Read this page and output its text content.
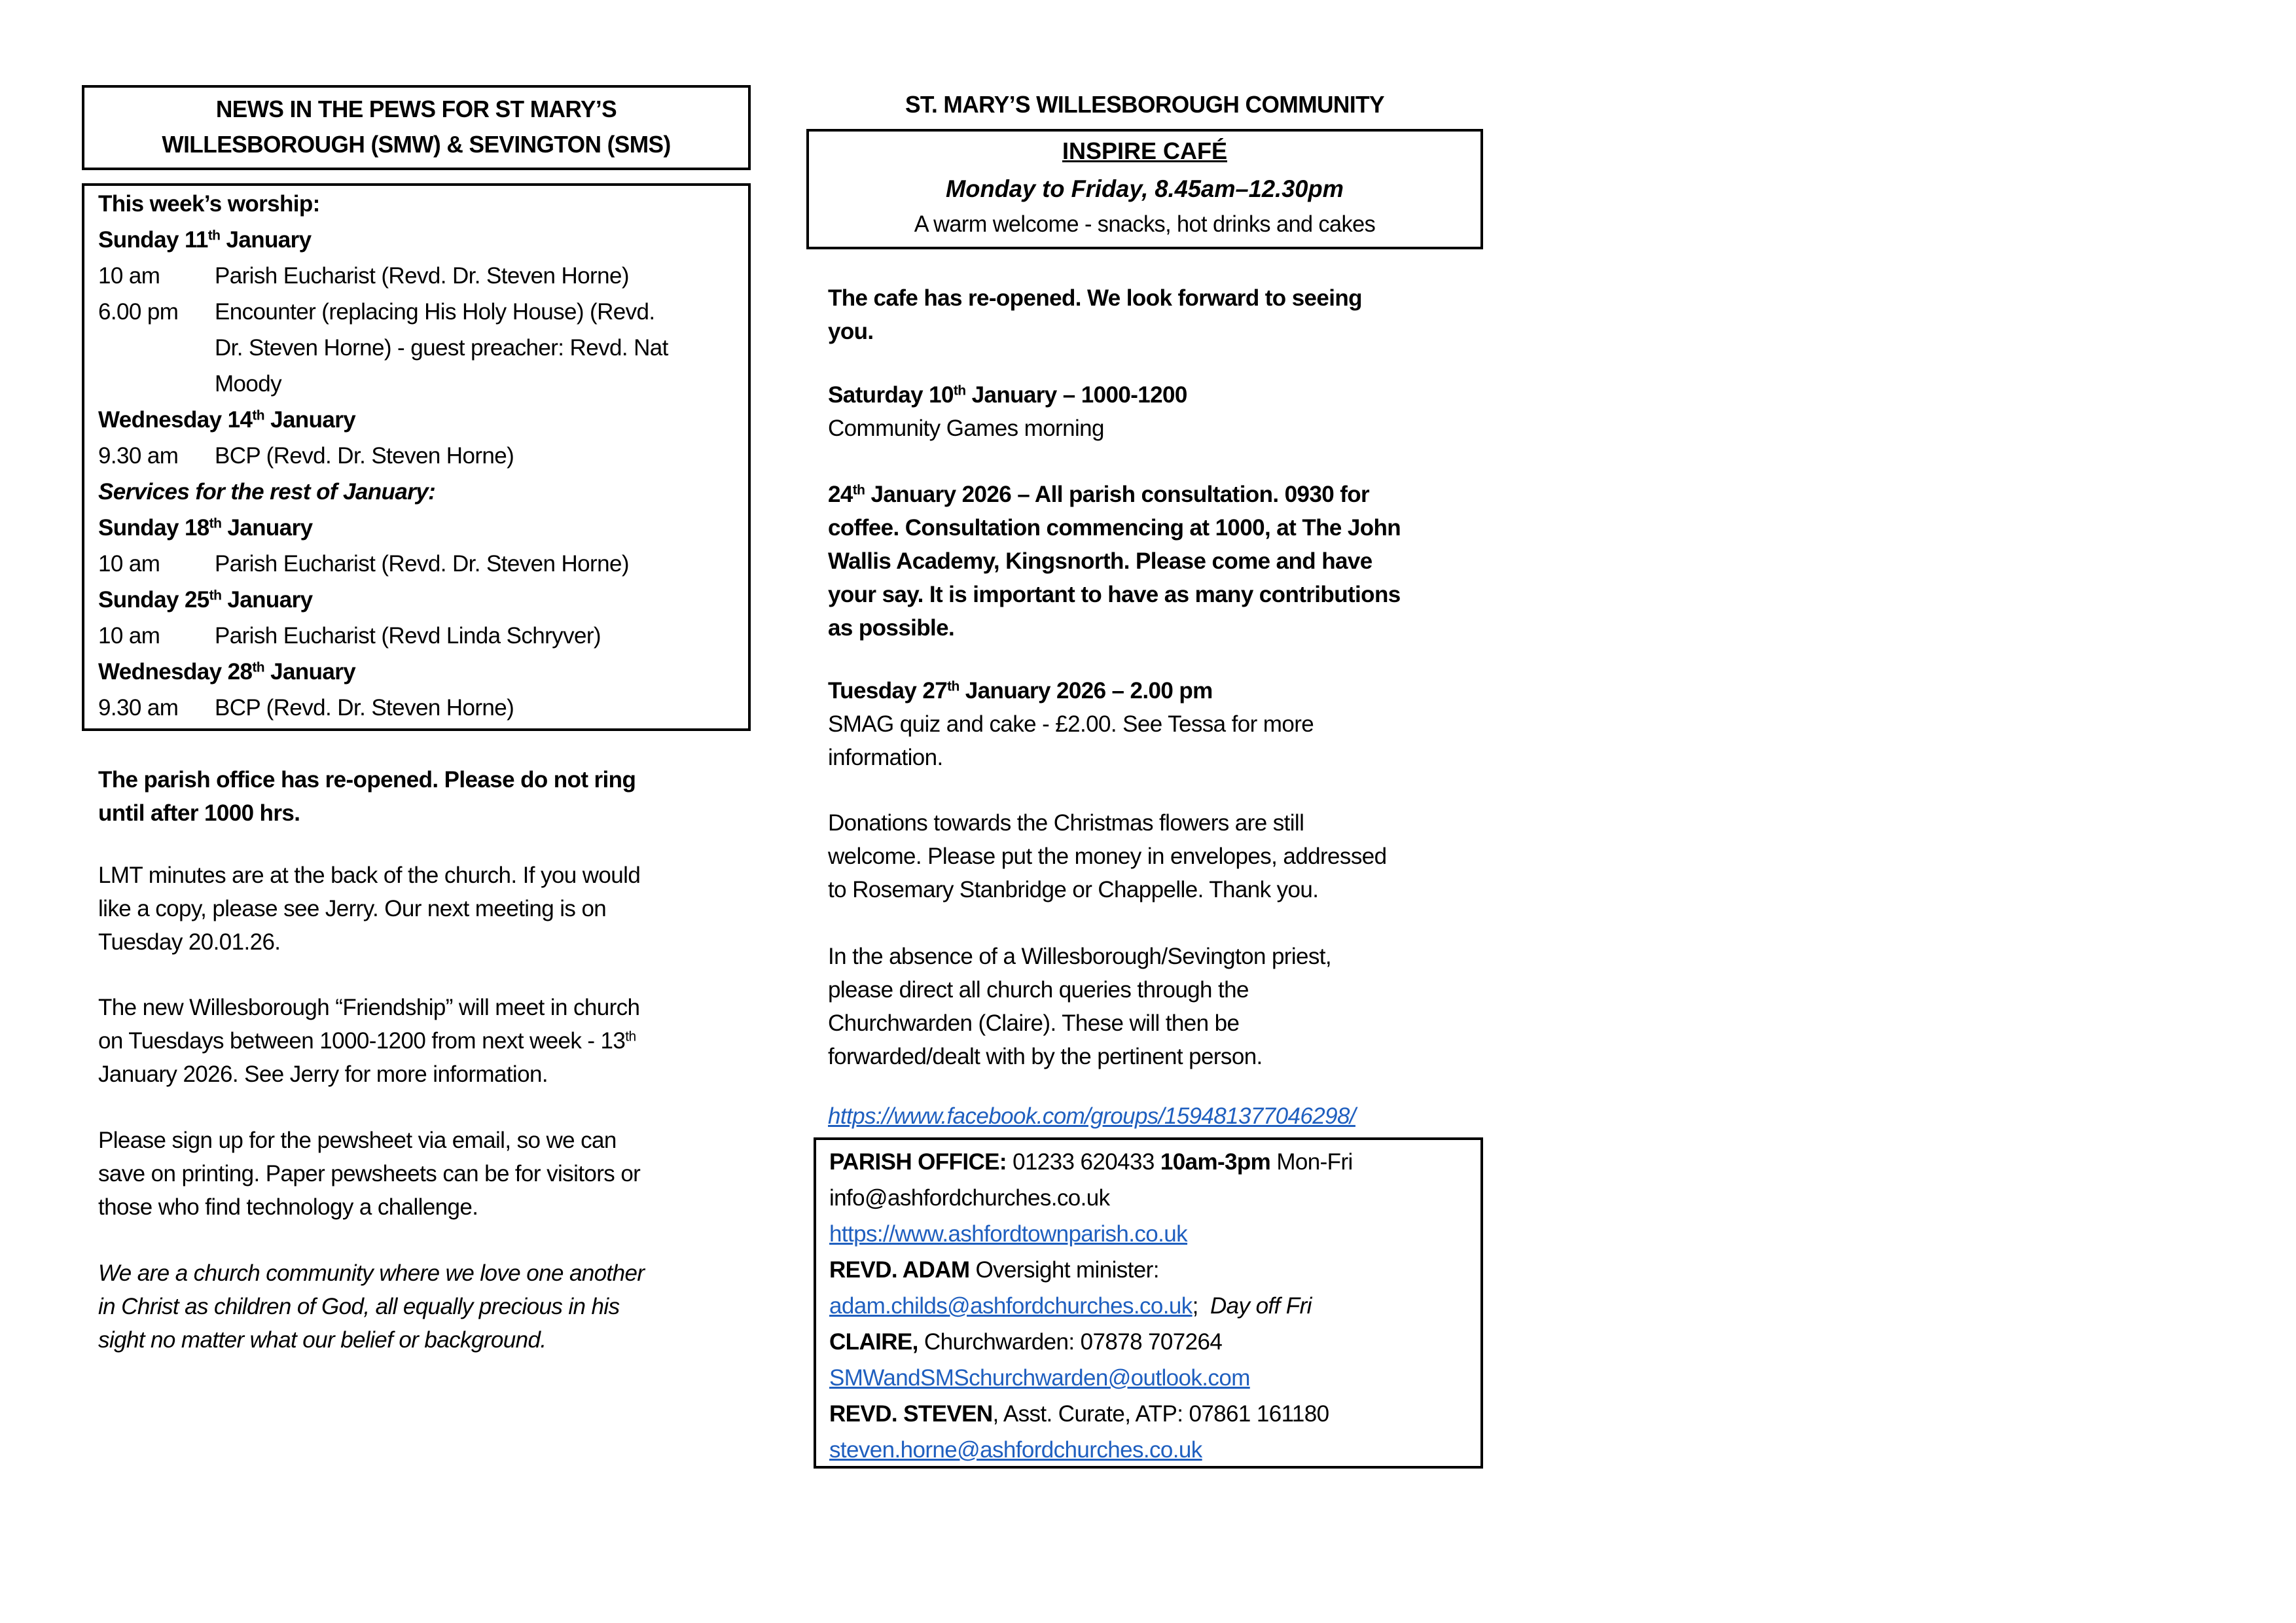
NEWS IN THE PEWS FOR ST MARY’S
WILLESBOROUGH (SMW) & SEVINGTON (SMS)
This week’s worship:
Sunday 11th January
10 am Parish Eucharist (Revd. Dr. Steven Horne)
6.00 pm Encounter (replacing His Holy House) (Revd.
Dr. Steven Horne) - guest preacher: Revd. Nat
Moody
Wednesday 14th January
9.30 am BCP (Revd. Dr. Steven Horne)
Services for the rest of January:
Sunday 18th January
10 am Parish Eucharist (Revd. Dr. Steven Horne)
Sunday 25th January
10 am Parish Eucharist (Revd Linda Schryver)
Wednesday 28th January
9.30 am BCP (Revd. Dr. Steven Horne)
The parish office has re-opened. Please do not ring
until after 1000 hrs.
LMT minutes are at the back of the church. If you would
like a copy, please see Jerry. Our next meeting is on
Tuesday 20.01.26.
The new Willesborough “Friendship” will meet in church
on Tuesdays between 1000-1200 from next week - 13th
January 2026. See Jerry for more information.
Please sign up for the pewsheet via email, so we can
save on printing. Paper pewsheets can be for visitors or
those who find technology a challenge.
We are a church community where we love one another
in Christ as children of God, all equally precious in his
sight no matter what our belief or background.
ST. MARY’S WILLESBOROUGH COMMUNITY
INSPIRE CAFÉ
Monday to Friday, 8.45am–12.30pm
A warm welcome - snacks, hot drinks and cakes
The cafe has re-opened. We look forward to seeing
you.
Saturday 10th January – 1000-1200
Community Games morning
24th January 2026 – All parish consultation. 0930 for
coffee. Consultation commencing at 1000, at The John
Wallis Academy, Kingsnorth. Please come and have
your say. It is important to have as many contributions
as possible.
Tuesday 27th January 2026 – 2.00 pm
SMAG quiz and cake - £2.00. See Tessa for more
information.
Donations towards the Christmas flowers are still
welcome. Please put the money in envelopes, addressed
to Rosemary Stanbridge or Chappelle. Thank you.
In the absence of a Willesborough/Sevington priest,
please direct all church queries through the
Churchwarden (Claire). These will then be
forwarded/dealt with by the pertinent person.
https://www.facebook.com/groups/159481377046298/
PARISH OFFICE: 01233 620433 10am-3pm Mon-Fri
info@ashfordchurches.co.uk
https://www.ashfordtownparish.co.uk
REVD. ADAM Oversight minister:
adam.childs@ashfordchurches.co.uk;  Day off Fri
CLAIRE, Churchwarden: 07878 707264
SMWandSMSchurchwarden@outlook.com
REVD. STEVEN, Asst. Curate, ATP: 07861 161180
steven.horne@ashfordchurches.co.uk
